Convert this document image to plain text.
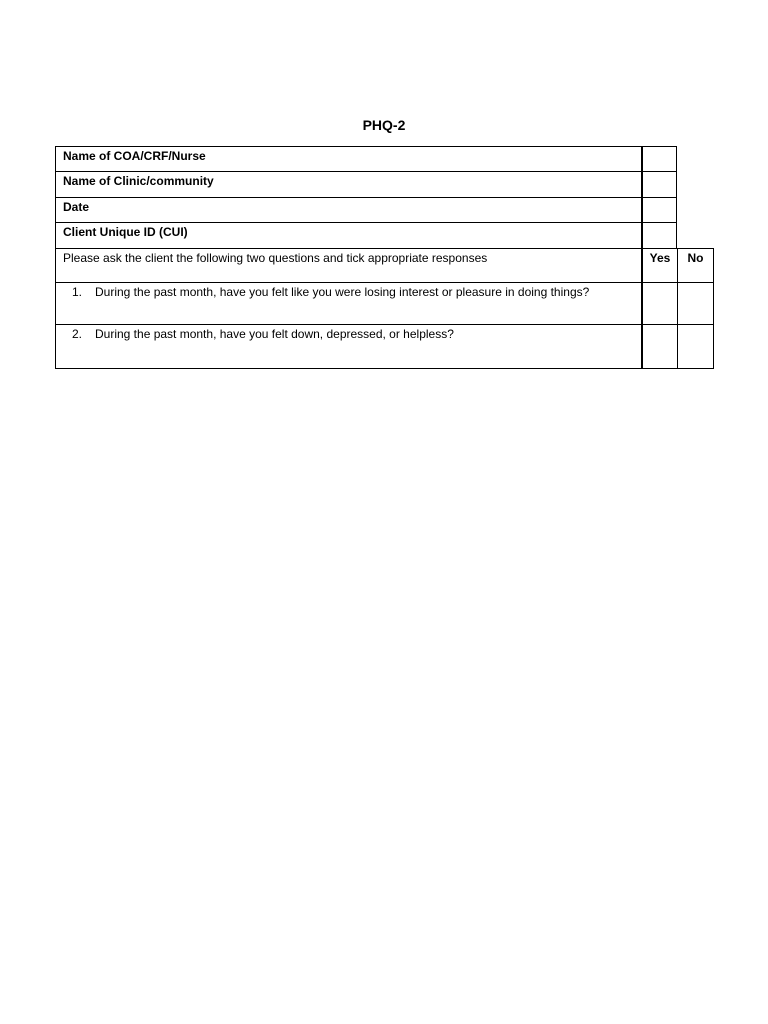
PHQ-2
Name of COA/CRF/Nurse
Name of Clinic/community
Date
Client Unique ID (CUI)
Please ask the client the following two questions and tick appropriate responses	Yes	No
1. During the past month, have you felt like you were losing interest or pleasure in doing things?
2. During the past month, have you felt down, depressed, or helpless?
